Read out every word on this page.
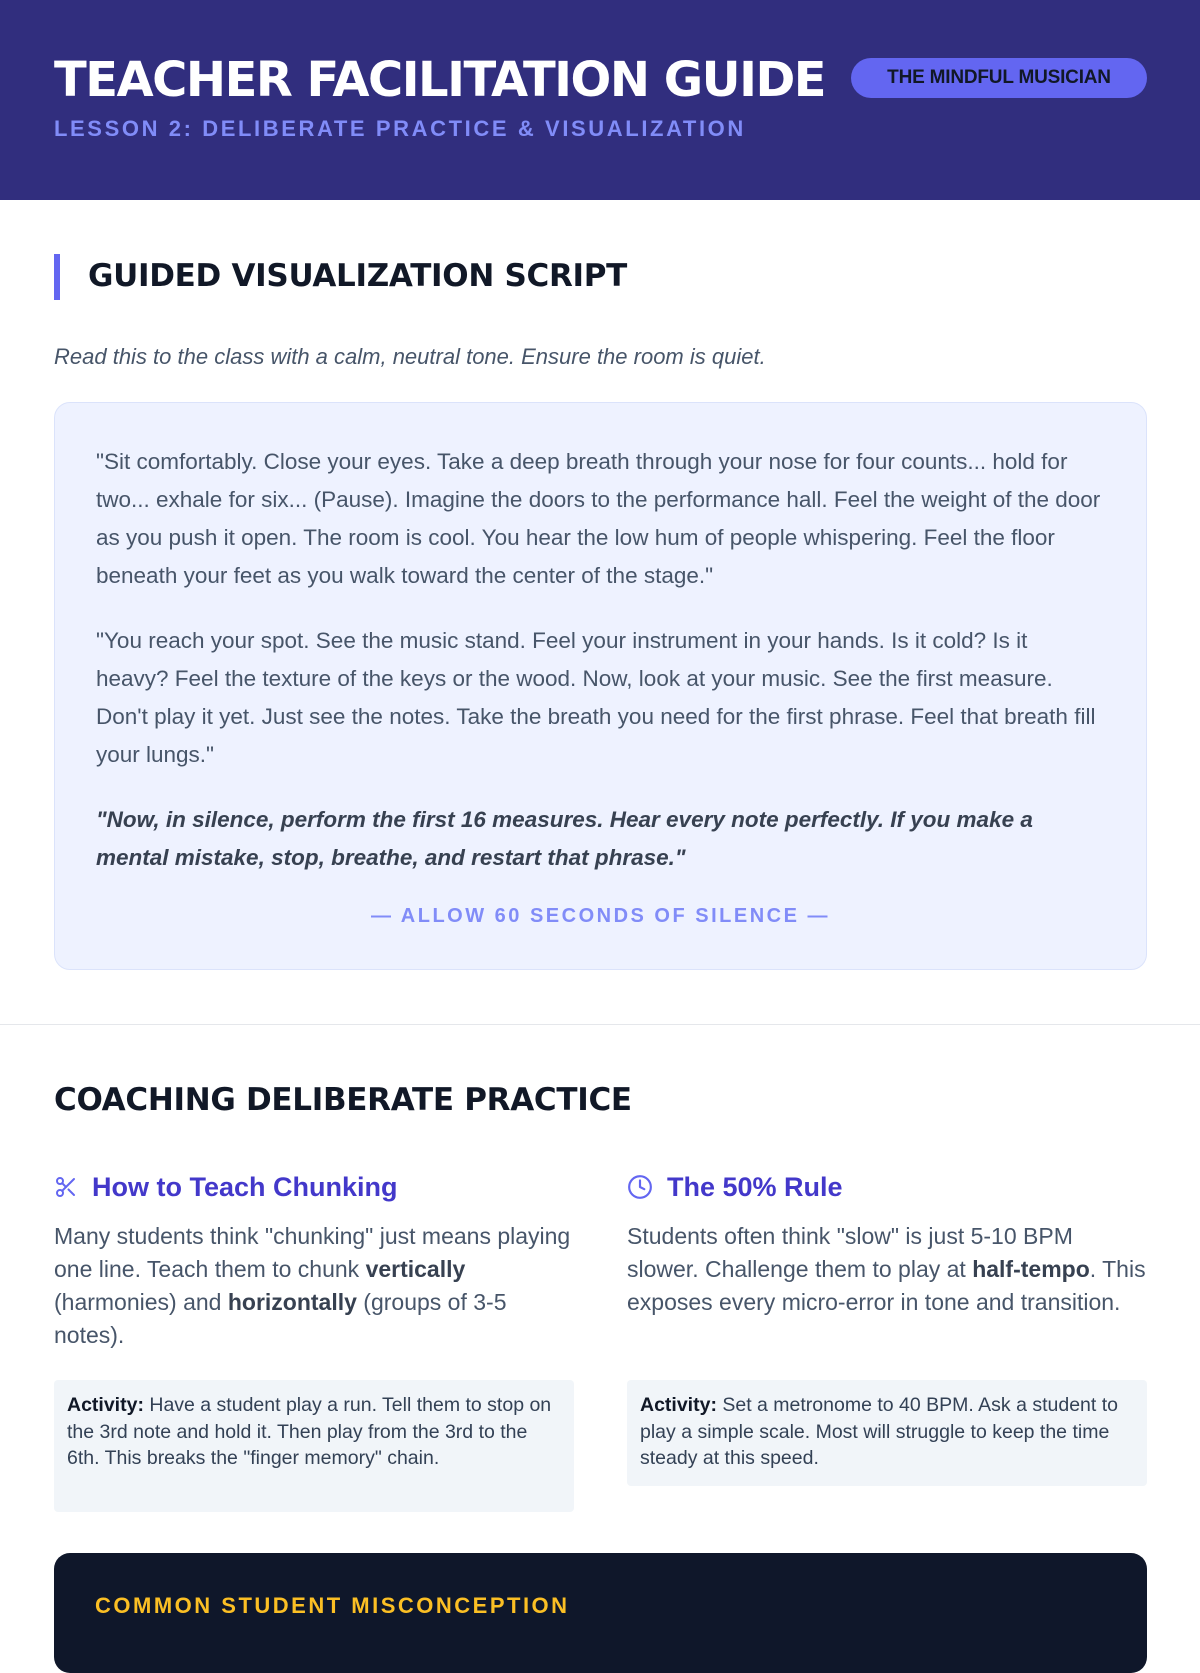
TEACHER FACILITATION GUIDE	THE MINDFUL MUSICIAN
LESSON 2: DELIBERATE PRACTICE & VISUALIZATION
GUIDED VISUALIZATION SCRIPT

Read this to the class with a calm, neutral tone. Ensure the room is quiet.

"Sit comfortably. Close your eyes. Take a deep breath through your nose for four counts... hold for two... exhale for six... (Pause). Imagine the doors to the performance hall. Feel the weight of the door as you push it open. The room is cool. You hear the low hum of people whispering. Feel the floor beneath your feet as you walk toward the center of the stage."

"You reach your spot. See the music stand. Feel your instrument in your hands. Is it cold? Is it heavy? Feel the texture of the keys or the wood. Now, look at your music. See the first measure. Don't play it yet. Just see the notes. Take the breath you need for the first phrase. Feel that breath fill your lungs."

"Now, in silence, perform the first 16 measures. Hear every note perfectly. If you make a mental mistake, stop, breathe, and restart that phrase."

— ALLOW 60 SECONDS OF SILENCE —
COACHING DELIBERATE PRACTICE
How to Teach Chunking

Many students think "chunking" just means playing one line. Teach them to chunk vertically (harmonies) and horizontally (groups of 3-5 notes).

Activity: Have a student play a run. Tell them to stop on the 3rd note and hold it. Then play from the 3rd to the 6th. This breaks the "finger memory" chain.
The 50% Rule

Students often think "slow" is just 5-10 BPM slower. Challenge them to play at half-tempo. This exposes every micro-error in tone and transition.

Activity: Set a metronome to 40 BPM. Ask a student to play a simple scale. Most will struggle to keep the time steady at this speed.
COMMON STUDENT MISCONCEPTION
